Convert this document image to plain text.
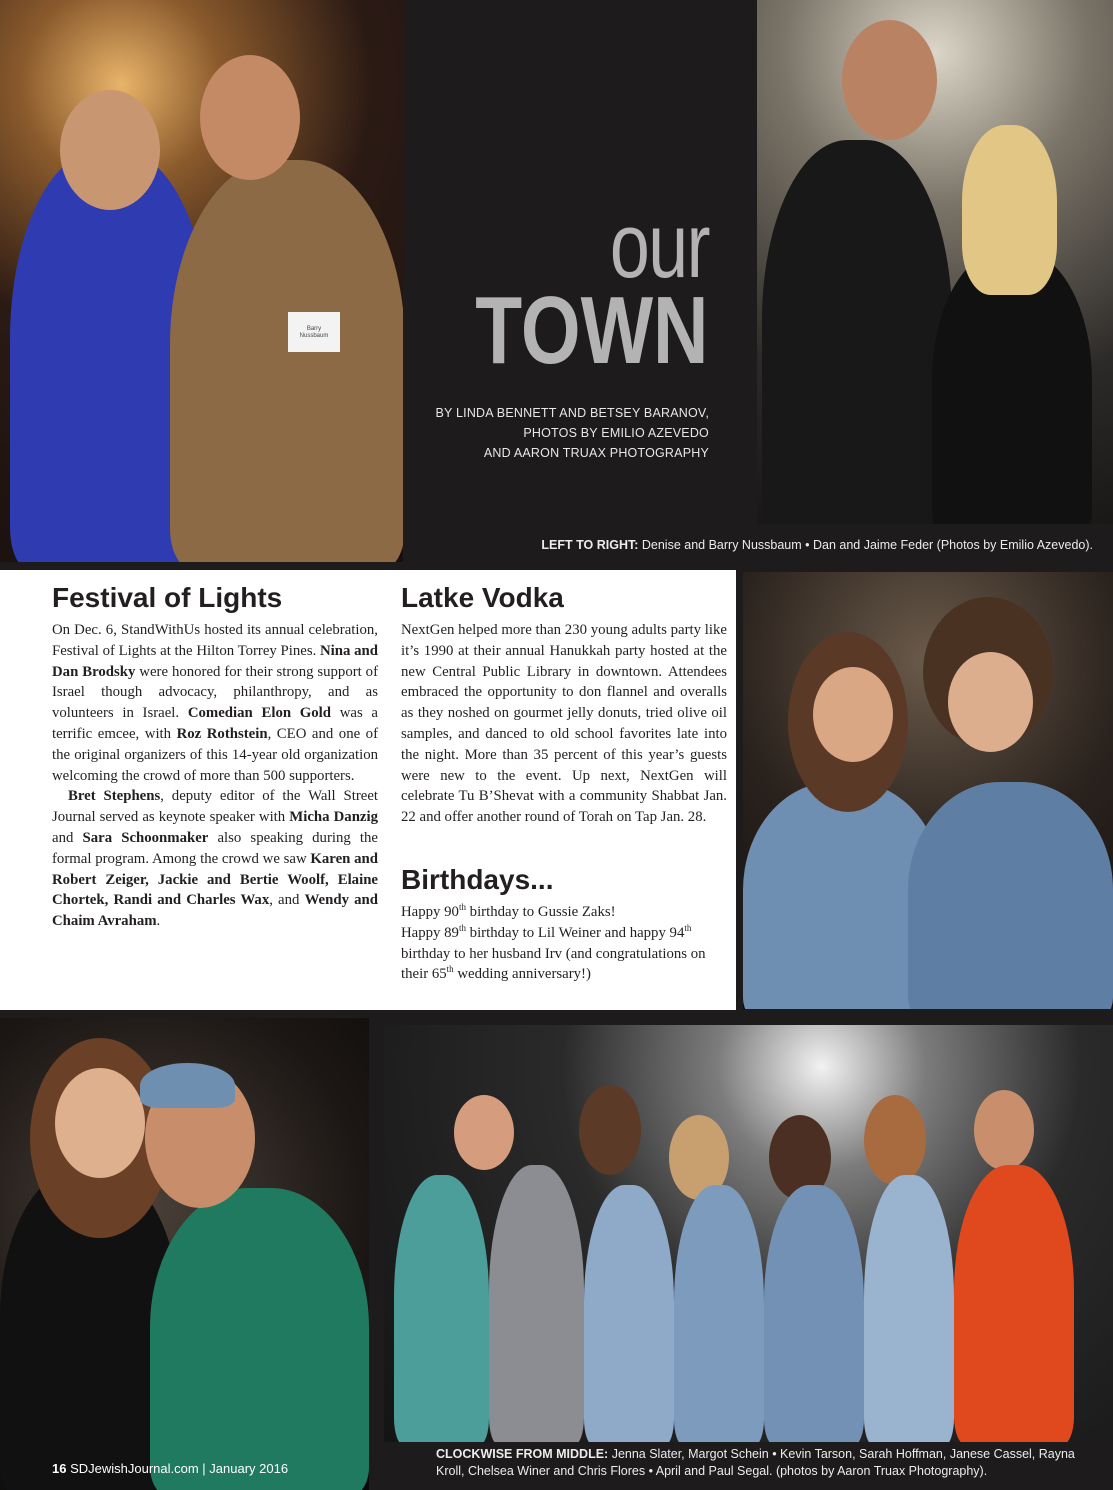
Barry
Nussbaum
our
TOWN
BY LINDA BENNETT AND BETSEY BARANOV,
PHOTOS BY EMILIO AZEVEDO
AND AARON TRUAX PHOTOGRAPHY
LEFT TO RIGHT: Denise and Barry Nussbaum • Dan and Jaime Feder (Photos by Emilio Azevedo).
Festival of Lights

On Dec. 6, StandWithUs hosted its annual celebration, Festival of Lights at the Hilton Torrey Pines. Nina and Dan Brodsky were honored for their strong support of Israel though advocacy, philanthropy, and as volunteers in Israel. Comedian Elon Gold was a terrific emcee, with Roz Rothstein, CEO and one of the original organizers of this 14-year old organization welcoming the crowd of more than 500 supporters.

Bret Stephens, deputy editor of the Wall Street Journal served as keynote speaker with Micha Danzig and Sara Schoonmaker also speaking during the formal program. Among the crowd we saw Karen and Robert Zeiger, Jackie and Bertie Woolf, Elaine Chortek, Randi and Charles Wax, and Wendy and Chaim Avraham.

Latke Vodka

NextGen helped more than 230 young adults party like it’s 1990 at their annual Hanukkah party hosted at the new Central Public Library in downtown. Attendees embraced the opportunity to don flannel and overalls as they noshed on gourmet jelly donuts, tried olive oil samples, and danced to old school favorites late into the night. More than 35 percent of this year’s guests were new to the event. Up next, NextGen will celebrate Tu B’Shevat with a community Shabbat Jan. 22 and offer another round of Torah on Tap Jan. 28.

Birthdays...

Happy 90th birthday to Gussie Zaks!

Happy 89th birthday to Lil Weiner and happy 94th birthday to her husband Irv (and congratulations on their 65th wedding anniversary!)

CLOCKWISE FROM MIDDLE: Jenna Slater, Margot Schein • Kevin Tarson, Sarah Hoffman, Janese Cassel, Rayna Kroll, Chelsea Winer and Chris Flores • April and Paul Segal. (photos by Aaron Truax Photography).
16 SDJewishJournal.com | January 2016
